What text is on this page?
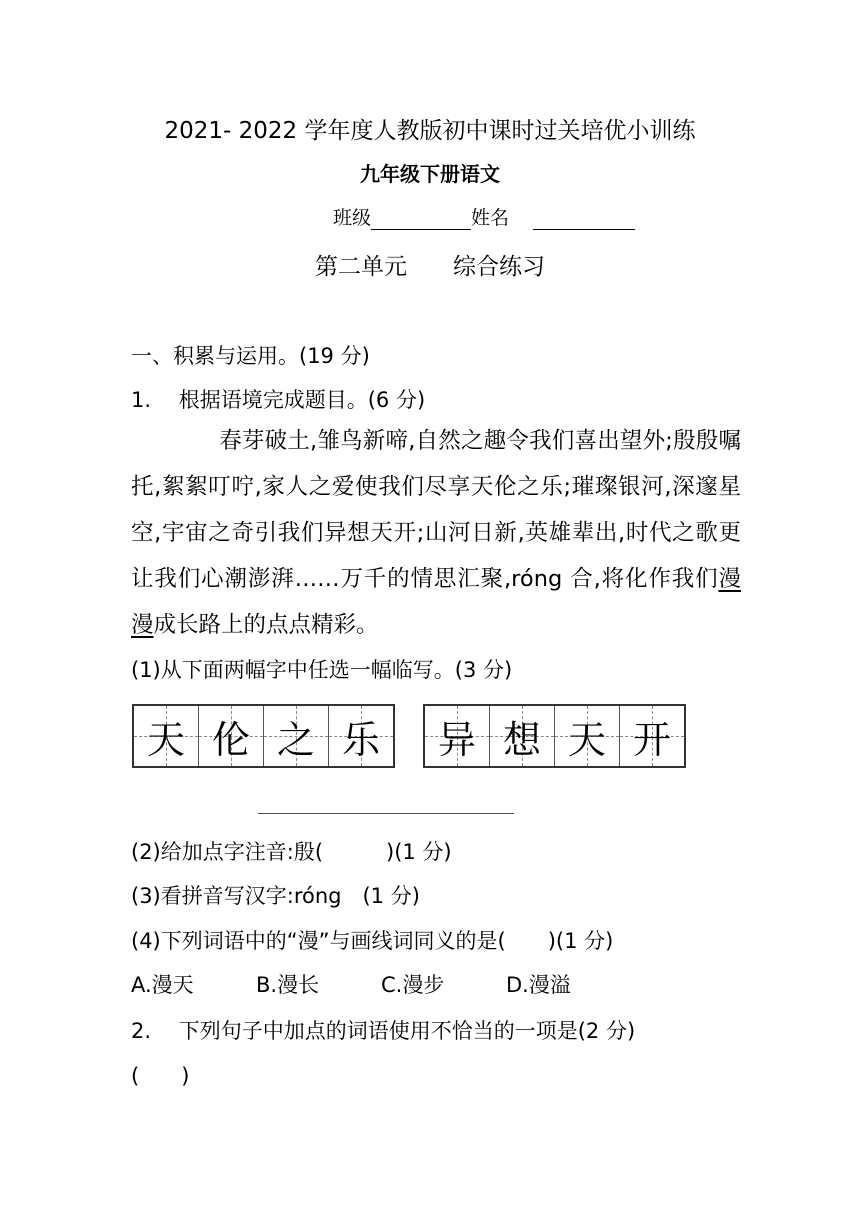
2021- 2022 学年度人教版初中课时过关培优小训练
九年级下册语文
班级	姓名
第二单元　　综合练习
一、积累与运用。(19 分)
1.　 根据语境完成题目。(6 分)
春芽破土,雏鸟新啼,自然之趣令我们喜出望外;殷殷嘱托,絮絮叮咛,家人之爱使我们尽享天伦之乐;璀璨银河,深邃星空,宇宙之奇引我们异想天开;山河日新,英雄辈出,时代之歌更让我们心潮澎湃……万千的情思汇聚,róng 合,将化作我们漫漫成长路上的点点精彩。
(1)从下面两幅字中任选一幅临写。(3 分)
天 伦 之 乐 异 想 天 开
(2)给加点字注音:殷(　　　)(1 分)
(3)看拼音写汉字:róng　(1 分)
(4)下列词语中的“漫”与画线词同义的是(　　)(1 分)
A.漫天	B.漫长	C.漫步	D.漫溢
2.　 下列句子中加点的词语使用不恰当的一项是(2 分)
(　　)
